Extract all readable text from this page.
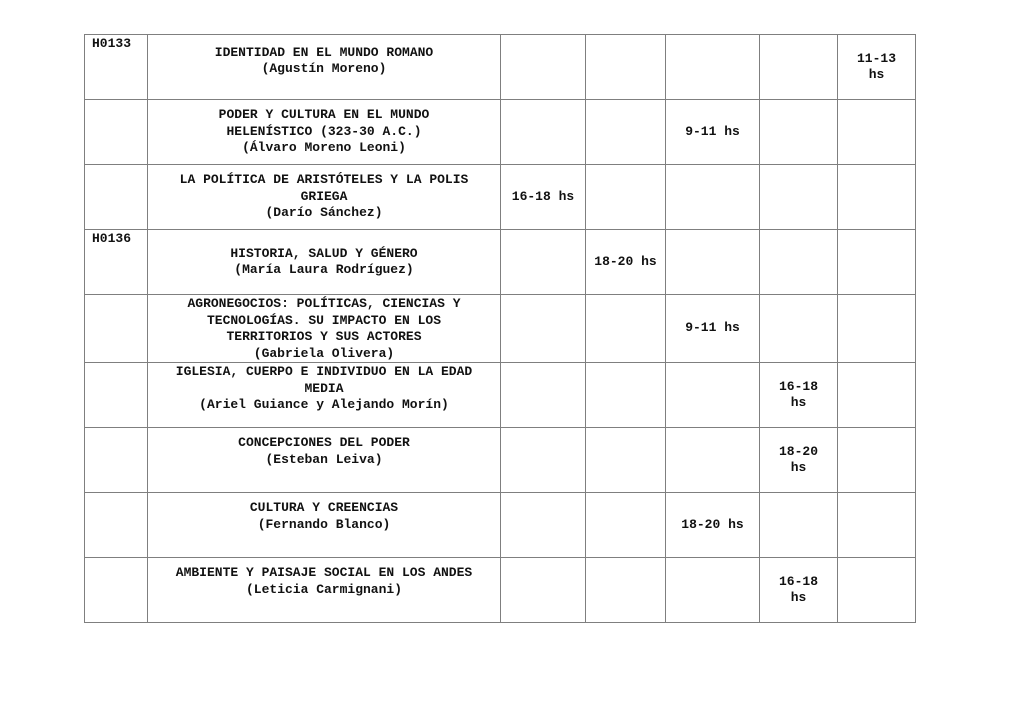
H0133	IDENTIDAD EN EL MUNDO ROMANO
(Agustín Moreno)					11-13 hs

	PODER Y CULTURA EN EL MUNDO
HELENÍSTICO (323-30 A.C.)
(Álvaro Moreno Leoni)			9-11 hs		

	LA POLÍTICA DE ARISTÓTELES Y LA POLIS
GRIEGA
(Darío Sánchez)	16-18 hs				
H0136	HISTORIA, SALUD Y GÉNERO
(María Laura Rodríguez)		18-20 hs			

	AGRONEGOCIOS: POLÍTICAS, CIENCIAS Y
TECNOLOGÍAS. SU IMPACTO EN LOS
TERRITORIOS Y SUS ACTORES
(Gabriela Olivera)			9-11 hs		

	IGLESIA, CUERPO E INDIVIDUO EN LA EDAD
MEDIA
(Ariel Guiance y Alejando Morín)				16-18 hs	

	CONCEPCIONES DEL PODER
(Esteban Leiva)				18-20 hs	

	CULTURA Y CREENCIAS
(Fernando Blanco)			18-20 hs		

	AMBIENTE Y PAISAJE SOCIAL EN LOS ANDES
(Leticia Carmignani)				16-18 hs	
